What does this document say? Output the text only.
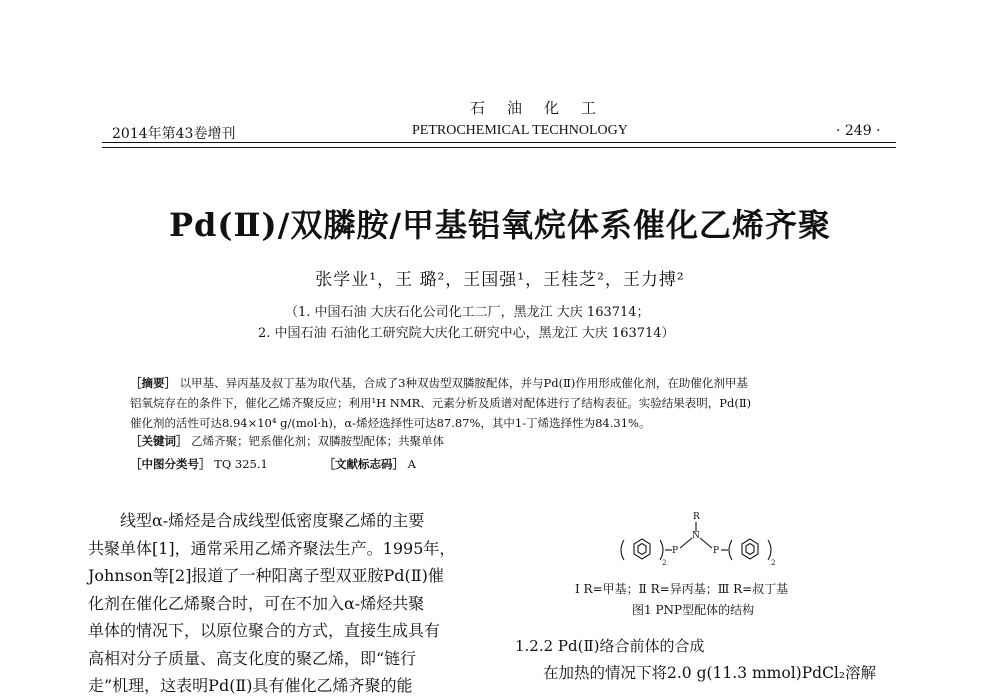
石油化工
2014年第43卷增刊	PETROCHEMICAL TECHNOLOGY	· 249 ·
Pd(Ⅱ)/双膦胺/甲基铝氧烷体系催化乙烯齐聚
张学业¹，王 璐²，王国强¹，王桂芝²，王力搏²
（1. 中国石油 大庆石化公司化工二厂，黑龙江 大庆 163714；
2. 中国石油 石油化工研究院大庆化工研究中心，黑龙江 大庆 163714）
［摘要］ 以甲基、异丙基及叔丁基为取代基，合成了3种双齿型双膦胺配体，并与Pd(Ⅱ)作用形成催化剂，在助催化剂甲基
铝氧烷存在的条件下，催化乙烯齐聚反应；利用¹H NMR、元素分析及质谱对配体进行了结构表征。实验结果表明，Pd(Ⅱ)
催化剂的活性可达8.94×10⁴ g/(mol·h)，α-烯烃选择性可达87.87%，其中1-丁烯选择性为84.31%。
［关键词］ 乙烯齐聚；钯系催化剂；双膦胺型配体；共聚单体
［中图分类号］ TQ 325.1	［文献标志码］ A
线型α-烯烃是合成线型低密度聚乙烯的主要
共聚单体[1]，通常采用乙烯齐聚法生产。1995年，
Johnson等[2]报道了一种阳离子型双亚胺Pd(Ⅱ)催
化剂在催化乙烯聚合时，可在不加入α-烯烃共聚
单体的情况下，以原位聚合的方式，直接生成具有
高相对分子质量、高支化度的聚乙烯，即“链行
走”机理，这表明Pd(Ⅱ)具有催化乙烯齐聚的能
R
N
P	P
2	2
Ⅰ R=甲基；Ⅱ R=异丙基；Ⅲ R=叔丁基
图1 PNP型配体的结构
1.2.2 Pd(Ⅱ)络合前体的合成
在加热的情况下将2.0 g(11.3 mmol)PdCl₂溶解
